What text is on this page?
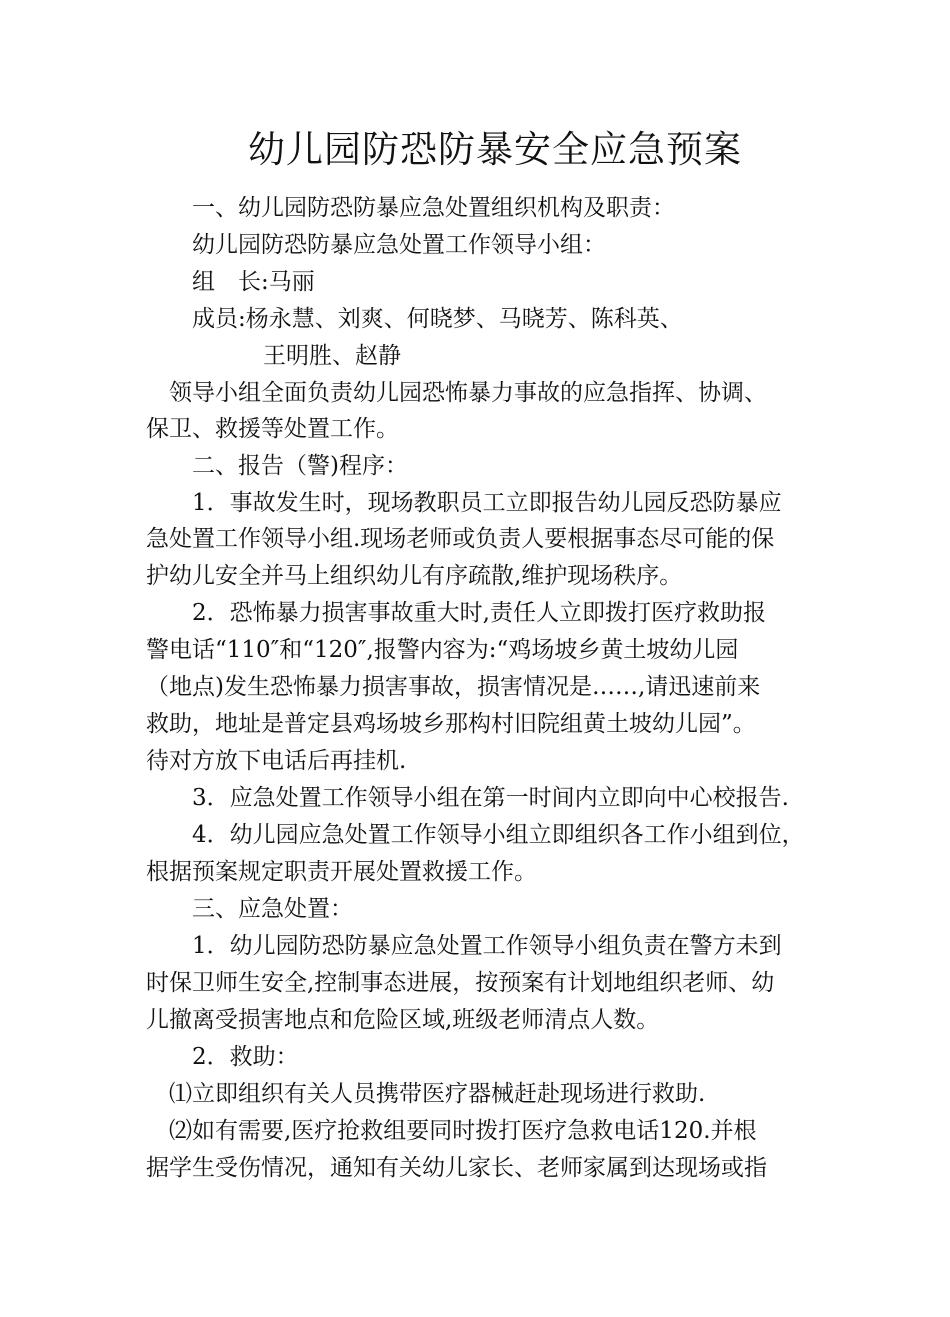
幼儿园防恐防暴安全应急预案
一、幼儿园防恐防暴应急处置组织机构及职责：
幼儿园防恐防暴应急处置工作领导小组：
组　长:马丽
成员:杨永慧、刘爽、何晓梦、马晓芳、陈科英、
王明胜、赵静
领导小组全面负责幼儿园恐怖暴力事故的应急指挥、协调、
保卫、救援等处置工作。
二、报告（警)程序：
1．事故发生时，现场教职员工立即报告幼儿园反恐防暴应
急处置工作领导小组.现场老师或负责人要根据事态尽可能的保
护幼儿安全并马上组织幼儿有序疏散,维护现场秩序。
2．恐怖暴力损害事故重大时,责任人立即拨打医疗救助报
警电话“110″和“120″,报警内容为:“鸡场坡乡黄土坡幼儿园
（地点)发生恐怖暴力损害事故，损害情况是……,请迅速前来
救助，地址是普定县鸡场坡乡那构村旧院组黄土坡幼儿园”。
待对方放下电话后再挂机.
3．应急处置工作领导小组在第一时间内立即向中心校报告.
4．幼儿园应急处置工作领导小组立即组织各工作小组到位，
根据预案规定职责开展处置救援工作。
三、应急处置：
1．幼儿园防恐防暴应急处置工作领导小组负责在警方未到
时保卫师生安全,控制事态进展，按预案有计划地组织老师、幼
儿撤离受损害地点和危险区域,班级老师清点人数。
2．救助：
⑴立即组织有关人员携带医疗器械赶赴现场进行救助.
⑵如有需要,医疗抢救组要同时拨打医疗急救电话120.并根
据学生受伤情况，通知有关幼儿家长、老师家属到达现场或指
